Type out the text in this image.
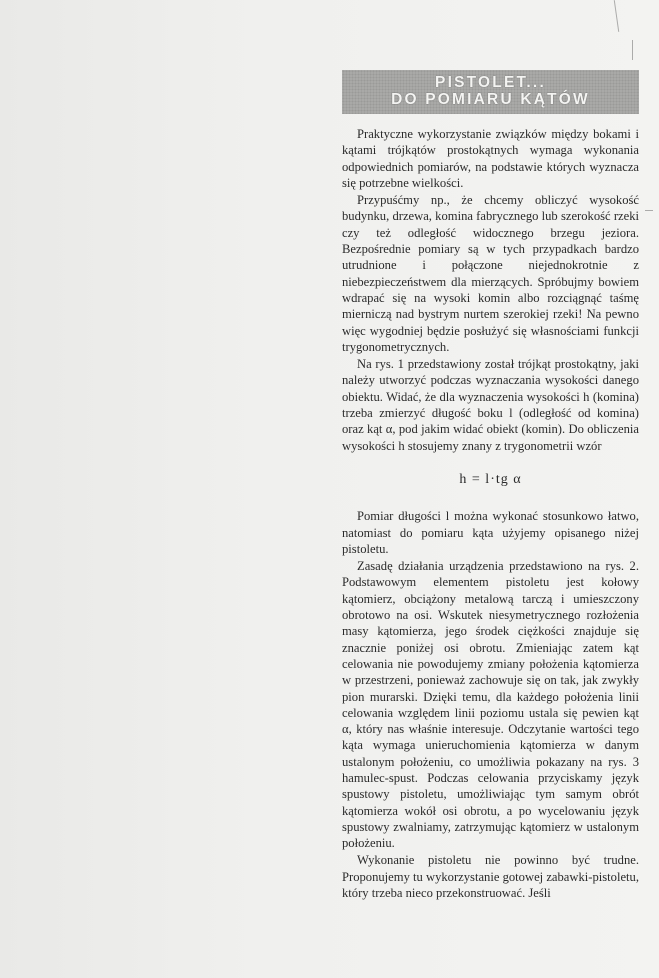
PISTOLET...
DO POMIARU KĄTÓW

Praktyczne wykorzystanie związków między bokami i kątami trójkątów prostokątnych wymaga wykonania odpowiednich pomiarów, na podstawie których wyznacza się potrzebne wielkości.

Przypuśćmy np., że chcemy obliczyć wysokość budynku, drzewa, komina fabrycznego lub szerokość rzeki czy też odległość widocznego brzegu jeziora. Bezpośrednie pomiary są w tych przypadkach bardzo utrudnione i połączone niejednokrotnie z niebezpieczeństwem dla mierzących. Spróbujmy bowiem wdrapać się na wysoki komin albo rozciągnąć taśmę mierniczą nad bystrym nurtem szerokiej rzeki! Na pewno więc wygodniej będzie posłużyć się własnościami funkcji trygonometrycznych.

Na rys. 1 przedstawiony został trójkąt prostokątny, jaki należy utworzyć podczas wyznaczania wysokości danego obiektu. Widać, że dla wyznaczenia wysokości h (komina) trzeba zmierzyć długość boku l (odległość od komina) oraz kąt α, pod jakim widać obiekt (komin). Do obliczenia wysokości h stosujemy znany z trygonometrii wzór

h = l·tg α

Pomiar długości l można wykonać stosunkowo łatwo, natomiast do pomiaru kąta użyjemy opisanego niżej pistoletu.

Zasadę działania urządzenia przedstawiono na rys. 2. Podstawowym elementem pistoletu jest kołowy kątomierz, obciążony metalową tarczą i umieszczony obrotowo na osi. Wskutek niesymetrycznego rozłożenia masy kątomierza, jego środek ciężkości znajduje się znacznie poniżej osi obrotu. Zmieniając zatem kąt celowania nie powodujemy zmiany położenia kątomierza w przestrzeni, ponieważ zachowuje się on tak, jak zwykły pion murarski. Dzięki temu, dla każdego położenia linii celowania względem linii poziomu ustala się pewien kąt α, który nas właśnie interesuje. Odczytanie wartości tego kąta wymaga unieruchomienia kątomierza w danym ustalonym położeniu, co umożliwia pokazany na rys. 3 hamulec-spust. Podczas celowania przyciskamy język spustowy pistoletu, umożliwiając tym samym obrót kątomierza wokół osi obrotu, a po wycelowaniu język spustowy zwalniamy, zatrzymując kątomierz w ustalonym położeniu.

Wykonanie pistoletu nie powinno być trudne. Proponujemy tu wykorzystanie gotowej zabawki-pistoletu, który trzeba nieco przekonstruować. Jeśli
